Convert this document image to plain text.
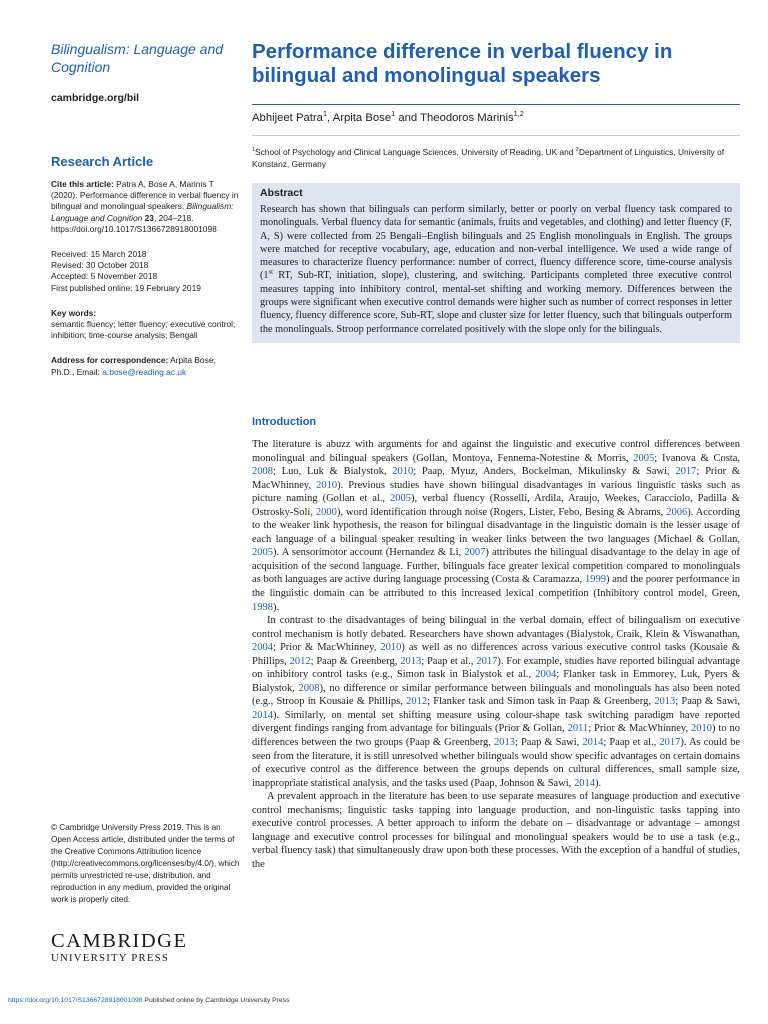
Bilingualism: Language and Cognition

cambridge.org/bil
Research Article
Cite this article: Patra A, Bose A, Marinis T (2020). Performance difference in verbal fluency in bilingual and monolingual speakers. Bilingualism: Language and Cognition 23, 204–218. https://doi.org/10.1017/S1366728918001098
Received: 15 March 2018
Revised: 30 October 2018
Accepted: 5 November 2018
First published online: 19 February 2019
Key words:
semantic fluency; letter fluency; executive control; inhibition; time-course analysis; Bengali
Address for correspondence: Arpita Bose, Ph.D., Email: a.bose@reading.ac.uk
© Cambridge University Press 2019. This is an Open Access article, distributed under the terms of the Creative Commons Attribution licence (http://creativecommons.org/licenses/by/4.0/), which permits unrestricted re-use, distribution, and reproduction in any medium, provided the original work is properly cited.
CAMBRIDGE
UNIVERSITY PRESS
Performance difference in verbal fluency in bilingual and monolingual speakers
Abhijeet Patra$^1$, Arpita Bose$^1$ and Theodoros Marinis$^{1,2}$
$^1$School of Psychology and Clinical Language Sciences, University of Reading, UK and $^2$Department of Linguistics, University of Konstanz, Germany
Abstract
Research has shown that bilinguals can perform similarly, better or poorly on verbal fluency task compared to monolinguals. Verbal fluency data for semantic (animals, fruits and vegetables, and clothing) and letter fluency (F, A, S) were collected from 25 Bengali–English bilinguals and 25 English monolinguals in English. The groups were matched for receptive vocabulary, age, education and non-verbal intelligence. We used a wide range of measures to characterize fluency performance: number of correct, fluency difference score, time-course analysis (1st RT, Sub-RT, initiation, slope), clustering, and switching. Participants completed three executive control measures tapping into inhibitory control, mental-set shifting and working memory. Differences between the groups were significant when executive control demands were higher such as number of correct responses in letter fluency, fluency difference score, Sub-RT, slope and cluster size for letter fluency, such that bilinguals outperform the monolinguals. Stroop performance correlated positively with the slope only for the bilinguals.
Introduction

The literature is abuzz with arguments for and against the linguistic and executive control differences between monolingual and bilingual speakers (Gollan, Montoya, Fennema-Notestine & Morris, 2005; Ivanova & Costa, 2008; Luo, Luk & Bialystok, 2010; Paap, Myuz, Anders, Bockelman, Mikulinsky & Sawi, 2017; Prior & MacWhinney, 2010). Previous studies have shown bilingual disadvantages in various linguistic tasks such as picture naming (Gollan et al., 2005), verbal fluency (Rosselli, Ardila, Araujo, Weekes, Caracciolo, Padilla & Ostrosky-Solí, 2000), word identification through noise (Rogers, Lister, Febo, Besing & Abrams, 2006). According to the weaker link hypothesis, the reason for bilingual disadvantage in the linguistic domain is the lesser usage of each language of a bilingual speaker resulting in weaker links between the two languages (Michael & Gollan, 2005). A sensorimotor account (Hernandez & Li, 2007) attributes the bilingual disadvantage to the delay in age of acquisition of the second language. Further, bilinguals face greater lexical competition compared to monolinguals as both languages are active during language processing (Costa & Caramazza, 1999) and the poorer performance in the linguistic domain can be attributed to this increased lexical competition (Inhibitory control model, Green, 1998).

In contrast to the disadvantages of being bilingual in the verbal domain, effect of bilingualism on executive control mechanism is hotly debated. Researchers have shown advantages (Bialystok, Craik, Klein & Viswanathan, 2004; Prior & MacWhinney, 2010) as well as no differences across various executive control tasks (Kousaie & Phillips, 2012; Paap & Greenberg, 2013; Paap et al., 2017). For example, studies have reported bilingual advantage on inhibitory control tasks (e.g., Simon task in Bialystok et al., 2004; Flanker task in Emmorey, Luk, Pyers & Bialystok, 2008), no difference or similar performance between bilinguals and monolinguals has also been noted (e.g., Stroop in Kousaie & Phillips, 2012; Flanker task and Simon task in Paap & Greenberg, 2013; Paap & Sawi, 2014). Similarly, on mental set shifting measure using colour-shape task switching paradigm have reported divergent findings ranging from advantage for bilinguals (Prior & Gollan, 2011; Prior & MacWhinney, 2010) to no differences between the two groups (Paap & Greenberg, 2013; Paap & Sawi, 2014; Paap et al., 2017). As could be seen from the literature, it is still unresolved whether bilinguals would show specific advantages on certain domains of executive control as the difference between the groups depends on cultural differences, small sample size, inappropriate statistical analysis, and the tasks used (Paap, Johnson & Sawi, 2014).

A prevalent approach in the literature has been to use separate measures of language production and executive control mechanisms; linguistic tasks tapping into language production, and non-linguistic tasks tapping into executive control processes. A better approach to inform the debate on – disadvantage or advantage – amongst language and executive control processes for bilingual and monolingual speakers would be to use a task (e.g., verbal fluency task) that simultaneously draw upon both these processes. With the exception of a handful of studies, the

https://doi.org/10.1017/S1366728918001098 Published online by Cambridge University Press
